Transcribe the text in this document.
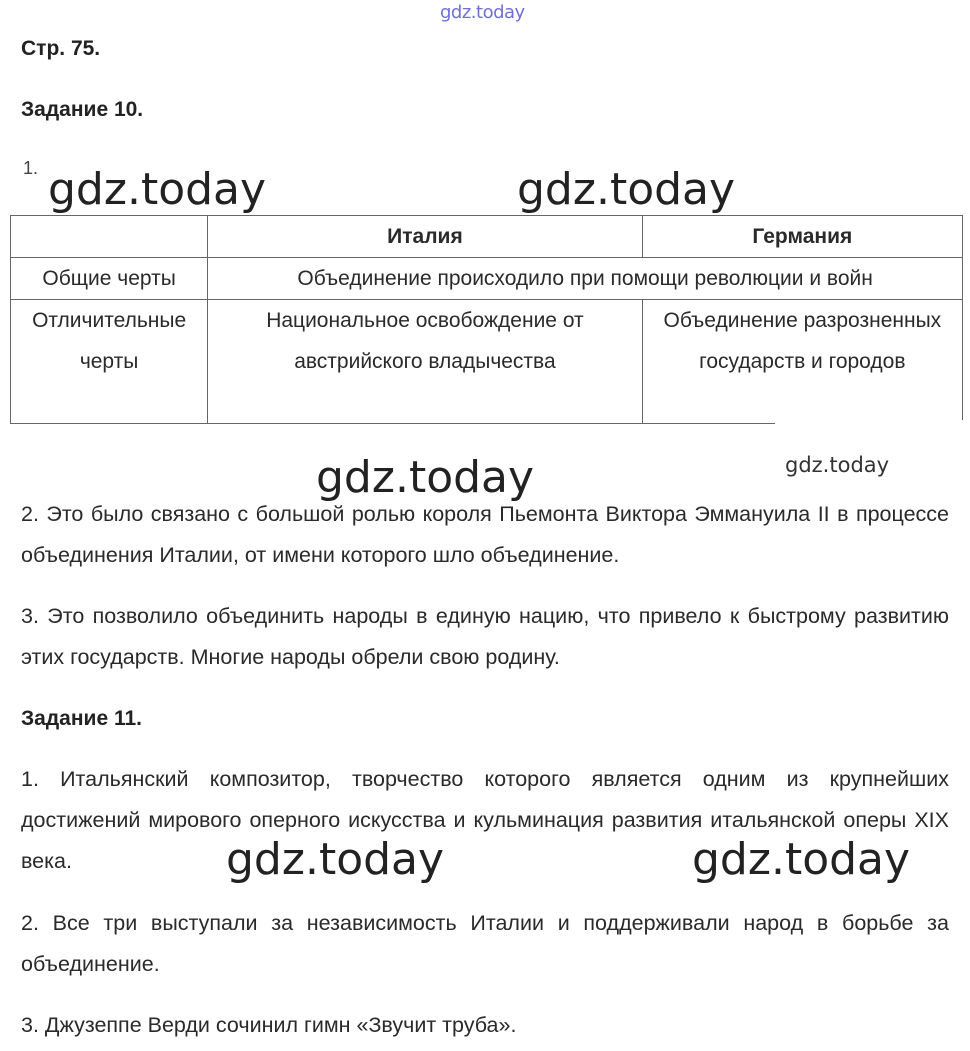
gdz.today
Стр. 75.
Задание 10.
1. gdz.today	gdz.today
	Италия	Германия
Общие черты	Объединение происходило при помощи революции и войн	
Отличительные черты	Национальное освобождение от австрийского владычества	Объединение разрозненных государств и городов
gdz.today	gdz.today
2. Это было связано с большой ролью короля Пьемонта Виктора Эммануила II в процессе объединения Италии, от имени которого шло объединение.
3. Это позволило объединить народы в единую нацию, что привело к быстрому развитию этих государств. Многие народы обрели свою родину.
Задание 11.
1. Итальянский композитор, творчество которого является одним из крупнейших достижений мирового оперного искусства и кульминация развития итальянской оперы XIX века.	gdz.today	gdz.today
2. Все три выступали за независимость Италии и поддерживали народ в борьбе за объединение.
3. Джузеппе Верди сочинил гимн «Звучит труба».
